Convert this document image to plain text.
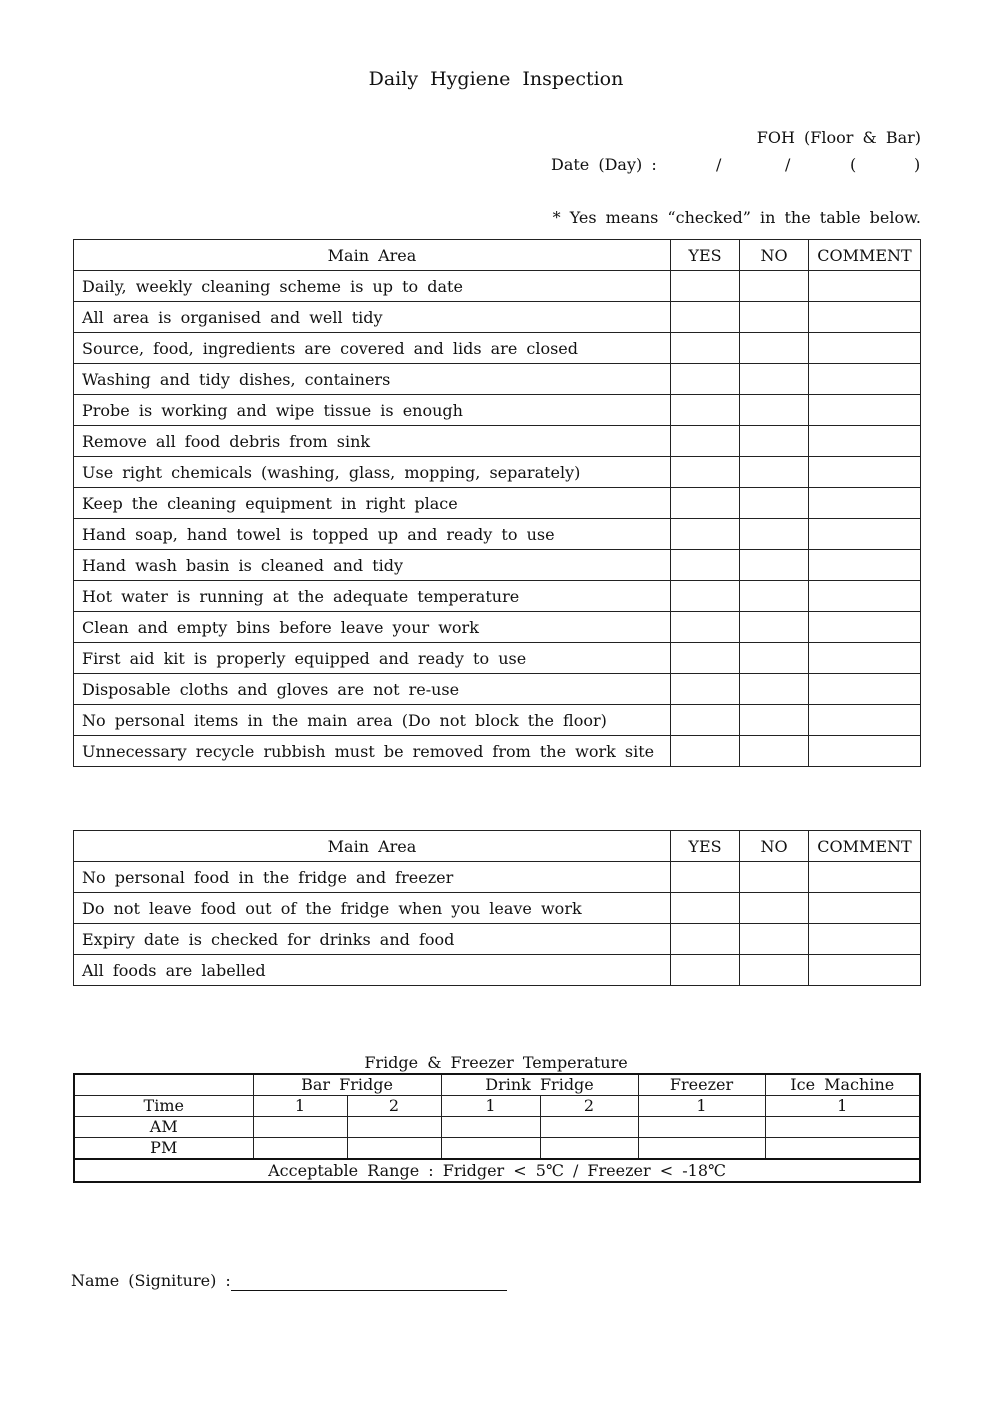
Daily Hygiene Inspection
FOH (Floor & Bar)
Date (Day) :	/	/	(	)
* Yes means “checked” in the table below.
Main Area	YES	NO	COMMENT
Daily, weekly cleaning scheme is up to date			
All area is organised and well tidy			
Source, food, ingredients are covered and lids are closed			
Washing and tidy dishes, containers			
Probe is working and wipe tissue is enough			
Remove all food debris from sink			
Use right chemicals (washing, glass, mopping, separately)			
Keep the cleaning equipment in right place			
Hand soap, hand towel is topped up and ready to use			
Hand wash basin is cleaned and tidy			
Hot water is running at the adequate temperature			
Clean and empty bins before leave your work			
First aid kit is properly equipped and ready to use			
Disposable cloths and gloves are not re-use			
No personal items in the main area (Do not block the floor)			
Unnecessary recycle rubbish must be removed from the work site			
Main Area	YES	NO	COMMENT
No personal food in the fridge and freezer			
Do not leave food out of the fridge when you leave work			
Expiry date is checked for drinks and food			
All foods are labelled			
Fridge & Freezer Temperature
	Bar Fridge		Drink Fridge		Freezer	Ice Machine
Time	1	2	1	2	1	1
AM						
PM						
Acceptable Range : Fridger < 5℃ / Freezer < -18℃						
Name (Signiture) :
